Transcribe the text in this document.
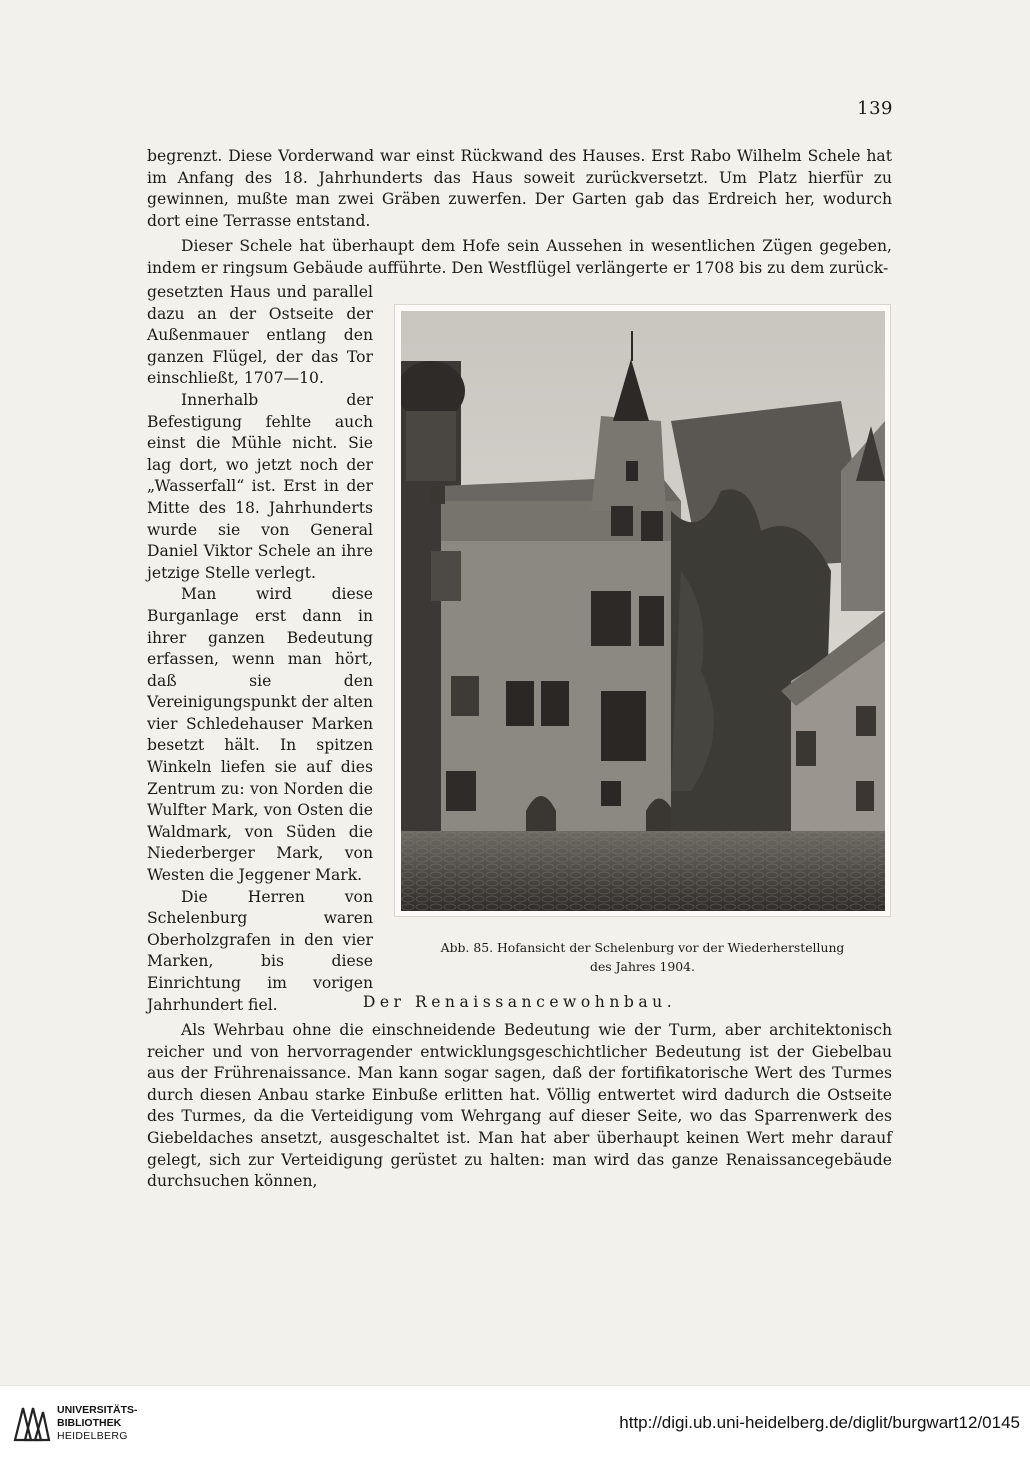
139

begrenzt. Diese Vorderwand war einst Rückwand des Hauses. Erst Rabo Wilhelm Schele hat im Anfang des 18. Jahrhunderts das Haus soweit zurückversetzt. Um Platz hierfür zu gewinnen, mußte man zwei Gräben zuwerfen. Der Garten gab das Erdreich her, wodurch dort eine Terrasse entstand.

Dieser Schele hat überhaupt dem Hofe sein Aussehen in wesentlichen Zügen gegeben, indem er ringsum Gebäude aufführte. Den Westflügel verlängerte er 1708 bis zu dem zurück-

gesetzten Haus und parallel dazu an der Ostseite der Außenmauer entlang den ganzen Flügel, der das Tor einschließt, 1707—10.

Innerhalb der Befestigung fehlte auch einst die Mühle nicht. Sie lag dort, wo jetzt noch der „Wasserfall“ ist. Erst in der Mitte des 18. Jahrhunderts wurde sie von General Daniel Viktor Schele an ihre jetzige Stelle verlegt.

Man wird diese Burganlage erst dann in ihrer ganzen Bedeutung erfassen, wenn man hört, daß sie den Vereinigungspunkt der alten vier Schledehauser Marken besetzt hält. In spitzen Winkeln liefen sie auf dies Zentrum zu: von Norden die Wulfter Mark, von Osten die Waldmark, von Süden die Niederberger Mark, von Westen die Jeggener Mark.

Die Herren von Schelenburg waren Oberholzgrafen in den vier Marken, bis diese Einrichtung im vorigen Jahrhundert fiel.

Abb. 85. Hofansicht der Schelenburg vor der Wiederherstellung
des Jahres 1904.

Der Renaissancewohnbau.

Als Wehrbau ohne die einschneidende Bedeutung wie der Turm, aber architektonisch reicher und von hervorragender entwicklungsgeschichtlicher Bedeutung ist der Giebelbau aus der Frührenaissance. Man kann sogar sagen, daß der fortifikatorische Wert des Turmes durch diesen Anbau starke Einbuße erlitten hat. Völlig entwertet wird dadurch die Ostseite des Turmes, da die Verteidigung vom Wehrgang auf dieser Seite, wo das Sparrenwerk des Giebeldaches ansetzt, ausgeschaltet ist. Man hat aber überhaupt keinen Wert mehr darauf gelegt, sich zur Verteidigung gerüstet zu halten: man wird das ganze Renaissancegebäude durchsuchen können,

UNIVERSITÄTS-
BIBLIOTHEK
HEIDELBERG
http://digi.ub.uni-heidelberg.de/diglit/burgwart12/0145
